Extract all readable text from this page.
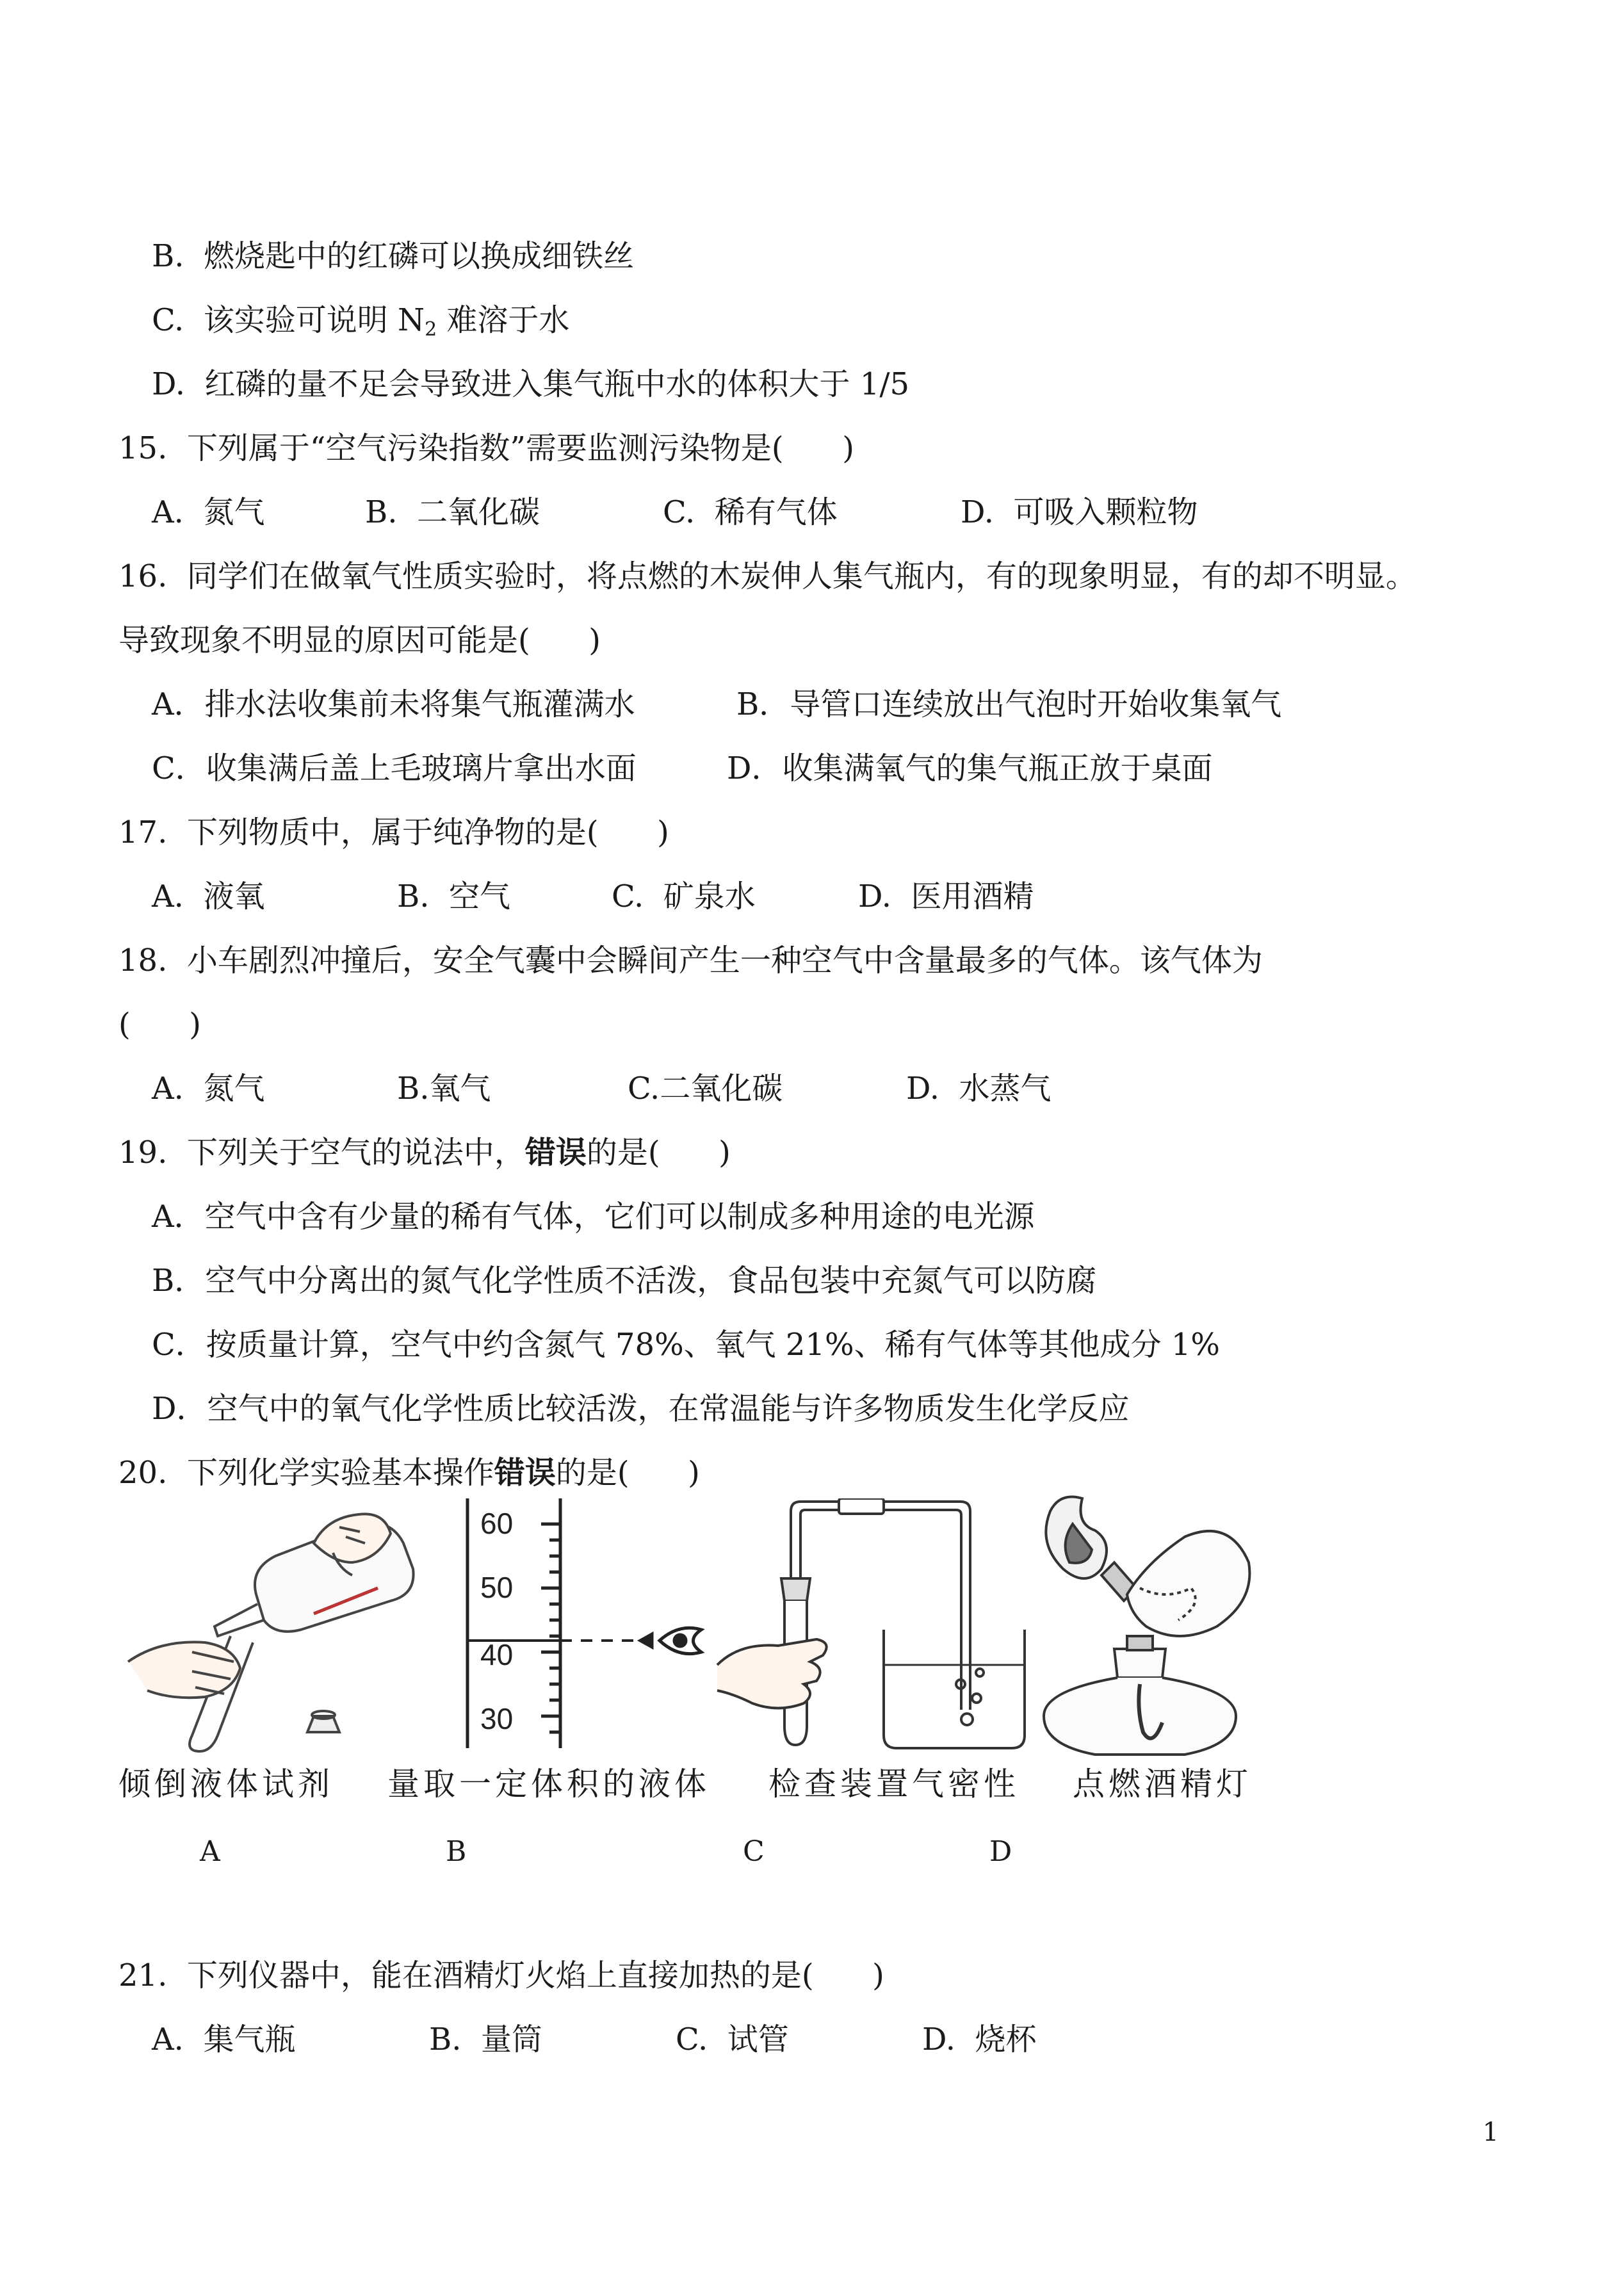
B.  燃烧匙中的红磷可以换成细铁丝
C.  该实验可说明 $N_2$ 难溶于水
D.  红磷的量不足会导致进入集气瓶中水的体积大于 1/5
15.  下列属于“空气污染指数”需要监测污染物是(      )
A.  氮气	B.  二氧化碳	C.  稀有气体	D.  可吸入颗粒物
16.  同学们在做氧气性质实验时，将点燃的木炭伸人集气瓶内，有的现象明显，有的却不明显。
导致现象不明显的原因可能是(      )
A．排水法收集前未将集气瓶灌满水	B．导管口连续放出气泡时开始收集氧气
C．收集满后盖上毛玻璃片拿出水面	D．收集满氧气的集气瓶正放于桌面
17.  下列物质中，属于纯净物的是(      )
A.  液氧	B.  空气	C.  矿泉水	D.  医用酒精
18.  小车剧烈冲撞后，安全气囊中会瞬间产生一种空气中含量最多的气体。该气体为
(      )
A.  氮气	B.氧气	C.二氧化碳	D.  水蒸气
19.  下列关于空气的说法中，错误的是(      )
A．空气中含有少量的稀有气体，它们可以制成多种用途的电光源
B．空气中分离出的氮气化学性质不活泼，食品包装中充氮气可以防腐
C．按质量计算，空气中约含氮气 78%、氧气 21%、稀有气体等其他成分 1%
D．空气中的氧气化学性质比较活泼，在常温能与许多物质发生化学反应
20.  下列化学实验基本操作错误的是(      )
60
50
40
30
倾倒液体试剂 量取一定体积的液体 检查装置气密性 点燃酒精灯
A	B	C	D
21.  下列仪器中，能在酒精灯火焰上直接加热的是(      )
A.  集气瓶	B.  量筒	C.  试管	D.  烧杯
1
